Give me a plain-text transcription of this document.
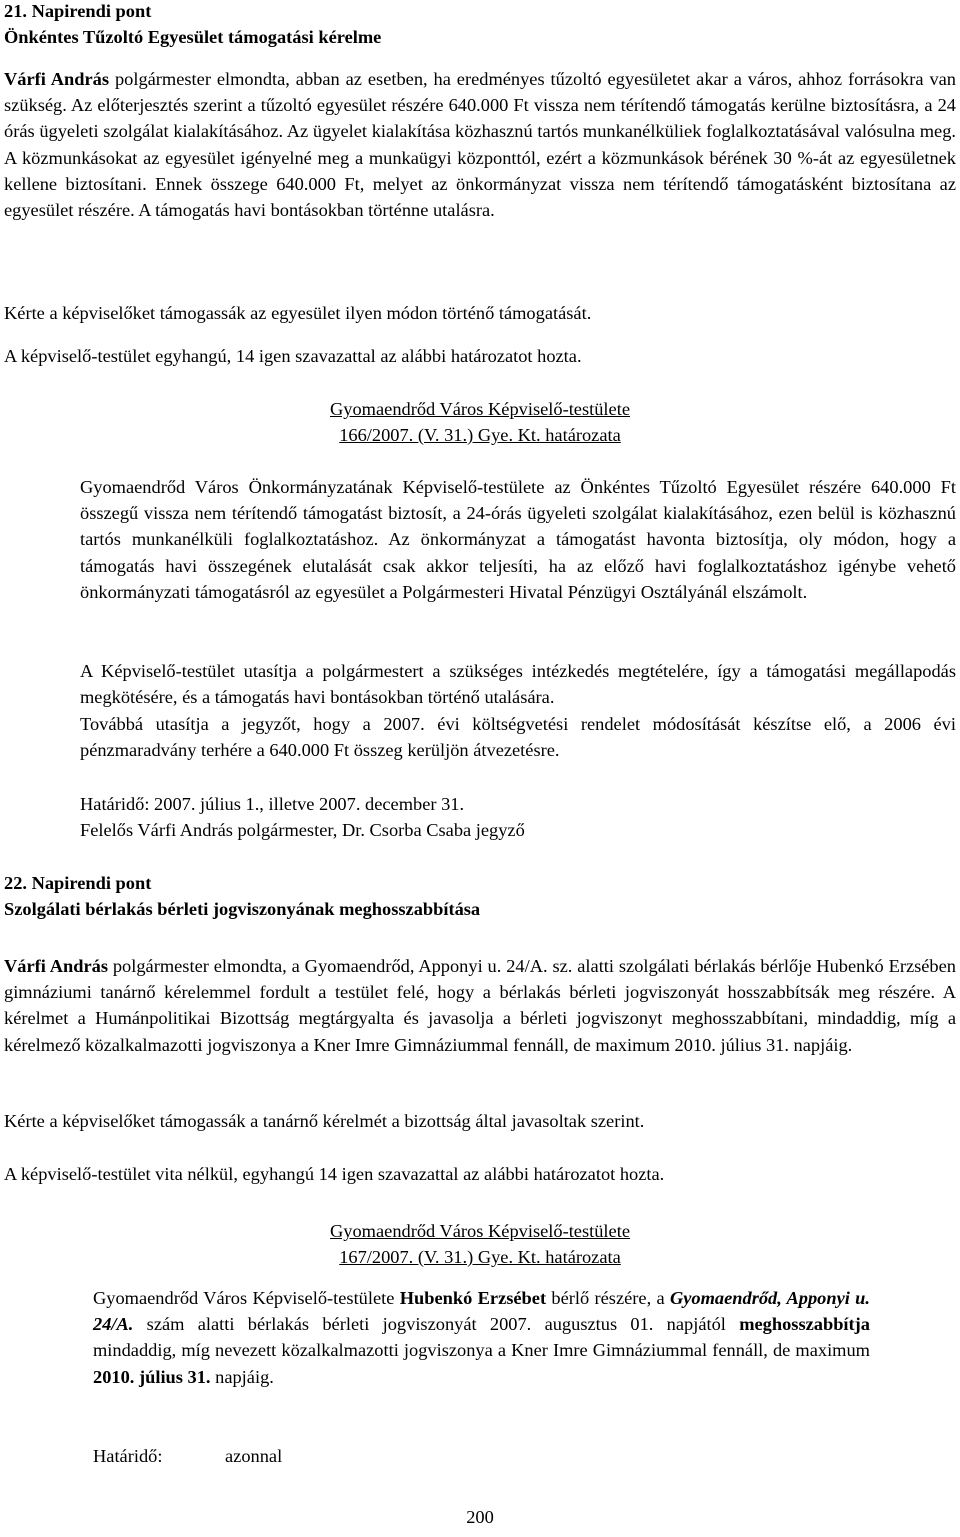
21. Napirendi pont
Önkéntes Tűzoltó Egyesület támogatási kérelme

Várfi András polgármester elmondta, abban az esetben, ha eredményes tűzoltó egyesületet akar a város, ahhoz forrásokra van szükség. Az előterjesztés szerint a tűzoltó egyesület részére 640.000 Ft vissza nem térítendő támogatás kerülne biztosításra, a 24 órás ügyeleti szolgálat kialakításához. Az ügyelet kialakítása közhasznú tartós munkanélküliek foglalkoztatásával valósulna meg. A közmunkásokat az egyesület igényelné meg a munkaügyi központtól, ezért a közmunkások bérének 30 %-át az egyesületnek kellene biztosítani. Ennek összege 640.000 Ft, melyet az önkormányzat vissza nem térítendő támogatásként biztosítana az egyesület részére. A támogatás havi bontásokban történne utalásra.

Kérte a képviselőket támogassák az egyesület ilyen módon történő támogatását.

A képviselő-testület egyhangú, 14 igen szavazattal az alábbi határozatot hozta.

Gyomaendrőd Város Képviselő-testülete
166/2007. (V. 31.) Gye. Kt. határozata

Gyomaendrőd Város Önkormányzatának Képviselő-testülete az Önkéntes Tűzoltó Egyesület részére 640.000 Ft összegű vissza nem térítendő támogatást biztosít, a 24-órás ügyeleti szolgálat kialakításához, ezen belül is közhasznú tartós munkanélküli foglalkoztatáshoz. Az önkormányzat a támogatást havonta biztosítja, oly módon, hogy a támogatás havi összegének elutalását csak akkor teljesíti, ha az előző havi foglalkoztatáshoz igénybe vehető önkormányzati támogatásról az egyesület a Polgármesteri Hivatal Pénzügyi Osztályánál elszámolt.

A Képviselő-testület utasítja a polgármestert a szükséges intézkedés megtételére, így a támogatási megállapodás megkötésére, és a támogatás havi bontásokban történő utalására.

Továbbá utasítja a jegyzőt, hogy a 2007. évi költségvetési rendelet módosítását készítse elő, a 2006 évi pénzmaradvány terhére a 640.000 Ft összeg kerüljön átvezetésre.

Határidő: 2007. július 1., illetve 2007. december 31.
Felelős Várfi András polgármester, Dr. Csorba Csaba jegyző
22. Napirendi pont
Szolgálati bérlakás bérleti jogviszonyának meghosszabbítása

Várfi András polgármester elmondta, a Gyomaendrőd, Apponyi u. 24/A. sz. alatti szolgálati bérlakás bérlője Hubenkó Erzsében gimnáziumi tanárnő kérelemmel fordult a testület felé, hogy a bérlakás bérleti jogviszonyát hosszabbítsák meg részére. A kérelmet a Humánpolitikai Bizottság megtárgyalta és javasolja a bérleti jogviszonyt meghosszabbítani, mindaddig, míg a kérelmező közalkalmazotti jogviszonya a Kner Imre Gimnáziummal fennáll, de maximum 2010. július 31. napjáig.

Kérte a képviselőket támogassák a tanárnő kérelmét a bizottság által javasoltak szerint.

A képviselő-testület vita nélkül, egyhangú 14 igen szavazattal az alábbi határozatot hozta.

Gyomaendrőd Város Képviselő-testülete
167/2007. (V. 31.) Gye. Kt. határozata

Gyomaendrőd Város Képviselő-testülete Hubenkó Erzsébet bérlő részére, a Gyomaendrőd, Apponyi u. 24/A. szám alatti bérlakás bérleti jogviszonyát 2007. augusztus 01. napjától meghosszabbítja mindaddig, míg nevezett közalkalmazotti jogviszonya a Kner Imre Gimnáziummal fennáll, de maximum 2010. július 31. napjáig.

Határidő:	azonnal
200
